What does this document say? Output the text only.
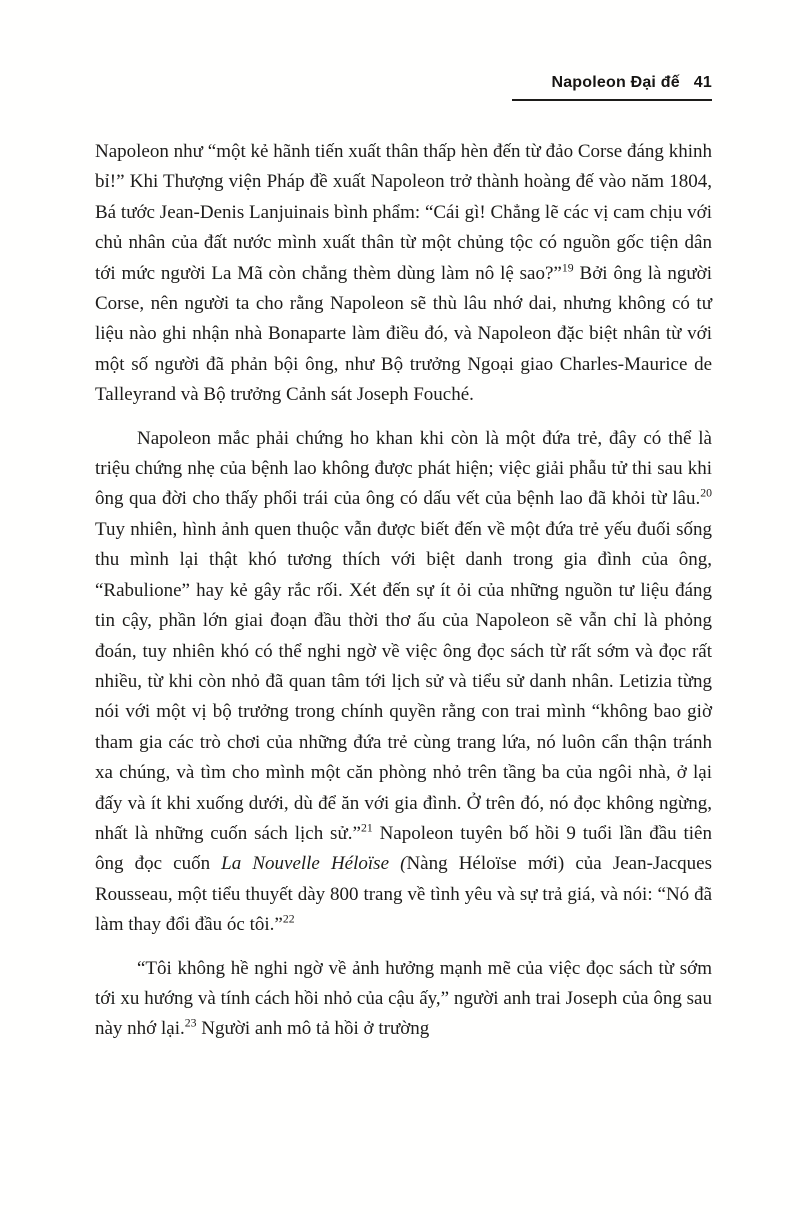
Napoleon Đại đế 41

Napoleon như “một kẻ hãnh tiến xuất thân thấp hèn đến từ đảo Corse đáng khinh bỉ!” Khi Thượng viện Pháp đề xuất Napoleon trở thành hoàng đế vào năm 1804, Bá tước Jean-Denis Lanjuinais bình phẩm: “Cái gì! Chẳng lẽ các vị cam chịu với chủ nhân của đất nước mình xuất thân từ một chủng tộc có nguồn gốc tiện dân tới mức người La Mã còn chẳng thèm dùng làm nô lệ sao?”$^{19}$ Bởi ông là người Corse, nên người ta cho rằng Napoleon sẽ thù lâu nhớ dai, nhưng không có tư liệu nào ghi nhận nhà Bonaparte làm điều đó, và Napoleon đặc biệt nhân từ với một số người đã phản bội ông, như Bộ trưởng Ngoại giao Charles-Maurice de Talleyrand và Bộ trưởng Cảnh sát Joseph Fouché.

Napoleon mắc phải chứng ho khan khi còn là một đứa trẻ, đây có thể là triệu chứng nhẹ của bệnh lao không được phát hiện; việc giải phẫu tử thi sau khi ông qua đời cho thấy phổi trái của ông có dấu vết của bệnh lao đã khỏi từ lâu.$^{20}$ Tuy nhiên, hình ảnh quen thuộc vẫn được biết đến về một đứa trẻ yếu đuối sống thu mình lại thật khó tương thích với biệt danh trong gia đình của ông, “Rabulione” hay kẻ gây rắc rối. Xét đến sự ít ỏi của những nguồn tư liệu đáng tin cậy, phần lớn giai đoạn đầu thời thơ ấu của Napoleon sẽ vẫn chỉ là phỏng đoán, tuy nhiên khó có thể nghi ngờ về việc ông đọc sách từ rất sớm và đọc rất nhiều, từ khi còn nhỏ đã quan tâm tới lịch sử và tiểu sử danh nhân. Letizia từng nói với một vị bộ trưởng trong chính quyền rằng con trai mình “không bao giờ tham gia các trò chơi của những đứa trẻ cùng trang lứa, nó luôn cẩn thận tránh xa chúng, và tìm cho mình một căn phòng nhỏ trên tầng ba của ngôi nhà, ở lại đấy và ít khi xuống dưới, dù để ăn với gia đình. Ở trên đó, nó đọc không ngừng, nhất là những cuốn sách lịch sử.”$^{21}$ Napoleon tuyên bố hồi 9 tuổi lần đầu tiên ông đọc cuốn La Nouvelle Héloïse (Nàng Héloïse mới) của Jean-Jacques Rousseau, một tiểu thuyết dày 800 trang về tình yêu và sự trả giá, và nói: “Nó đã làm thay đổi đầu óc tôi.”$^{22}$

“Tôi không hề nghi ngờ về ảnh hưởng mạnh mẽ của việc đọc sách từ sớm tới xu hướng và tính cách hồi nhỏ của cậu ấy,” người anh trai Joseph của ông sau này nhớ lại.$^{23}$ Người anh mô tả hồi ở trường
